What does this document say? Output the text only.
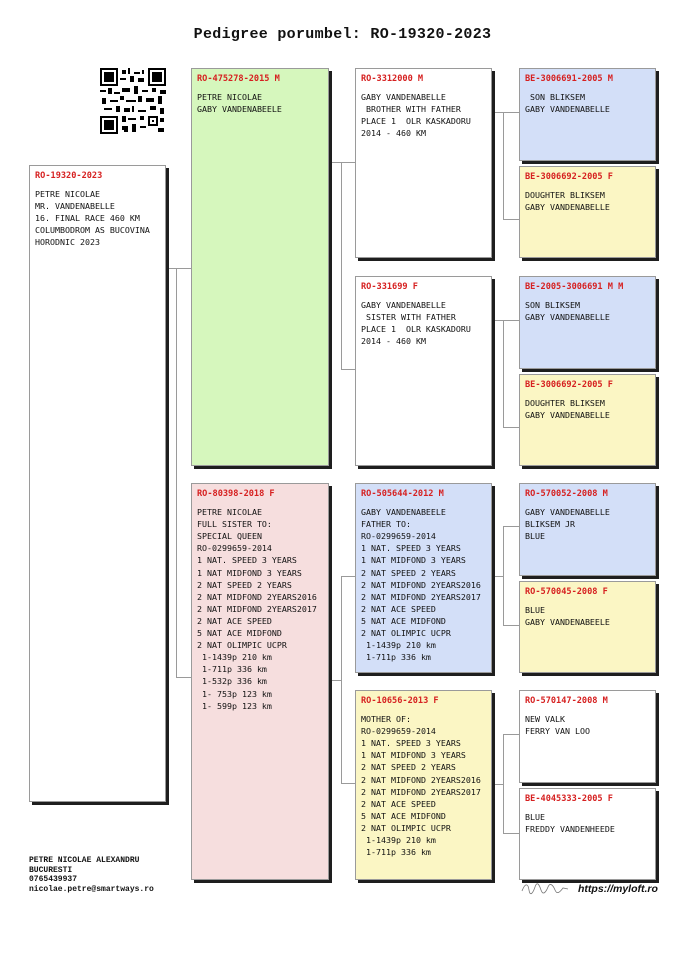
Pedigree porumbel: RO-19320-2023
RO-19320-2023
PETRE NICOLAE
MR. VANDENABELLE
16. FINAL RACE 460 KM
COLUMBODROM AS BUCOVINA
HORODNIC 2023
RO-475278-2015 M
PETRE NICOLAE
GABY VANDENABEELE
RO-80398-2018 F
PETRE NICOLAE
FULL SISTER TO:
SPECIAL QUEEN
RO-0299659-2014
1 NAT. SPEED 3 YEARS
1 NAT MIDFOND 3 YEARS
2 NAT SPEED 2 YEARS
2 NAT MIDFOND 2YEARS2016
2 NAT MIDFOND 2YEARS2017
2 NAT ACE SPEED
5 NAT ACE MIDFOND
2 NAT OLIMPIC UCPR
1-1439p 210 km
1-711p 336 km
1-532p 336 km
1- 753p 123 km
1- 599p 123 km
RO-3312000 M
GABY VANDENABELLE
BROTHER WITH FATHER
PLACE 1  OLR KASKADORU
2014 - 460 KM
RO-331699 F
GABY VANDENABELLE
SISTER WITH FATHER
PLACE 1  OLR KASKADORU
2014 - 460 KM
RO-505644-2012 M
GABY VANDENABEELE
FATHER TO:
RO-0299659-2014
1 NAT. SPEED 3 YEARS
1 NAT MIDFOND 3 YEARS
2 NAT SPEED 2 YEARS
2 NAT MIDFOND 2YEARS2016
2 NAT MIDFOND 2YEARS2017
2 NAT ACE SPEED
5 NAT ACE MIDFOND
2 NAT OLIMPIC UCPR
1-1439p 210 km
1-711p 336 km
RO-10656-2013 F
MOTHER OF:
RO-0299659-2014
1 NAT. SPEED 3 YEARS
1 NAT MIDFOND 3 YEARS
2 NAT SPEED 2 YEARS
2 NAT MIDFOND 2YEARS2016
2 NAT MIDFOND 2YEARS2017
2 NAT ACE SPEED
5 NAT ACE MIDFOND
2 NAT OLIMPIC UCPR
1-1439p 210 km
1-711p 336 km
BE-3006691-2005 M
SON BLIKSEM
GABY VANDENABELLE
BE-3006692-2005 F
DOUGHTER BLIKSEM
GABY VANDENABELLE
BE-2005-3006691 M M
SON BLIKSEM
GABY VANDENABELLE
BE-3006692-2005 F
DOUGHTER BLIKSEM
GABY VANDENABELLE
RO-570052-2008 M
GABY VANDENABELLE
BLIKSEM JR
BLUE
RO-570045-2008 F
BLUE
GABY VANDENABEELE
RO-570147-2008 M
NEW VALK
FERRY VAN LOO
BE-4045333-2005 F
BLUE
FREDDY VANDENHEEDE
PETRE NICOLAE ALEXANDRU
BUCURESTI
0765439937
nicolae.petre@smartways.ro	https://myloft.ro
